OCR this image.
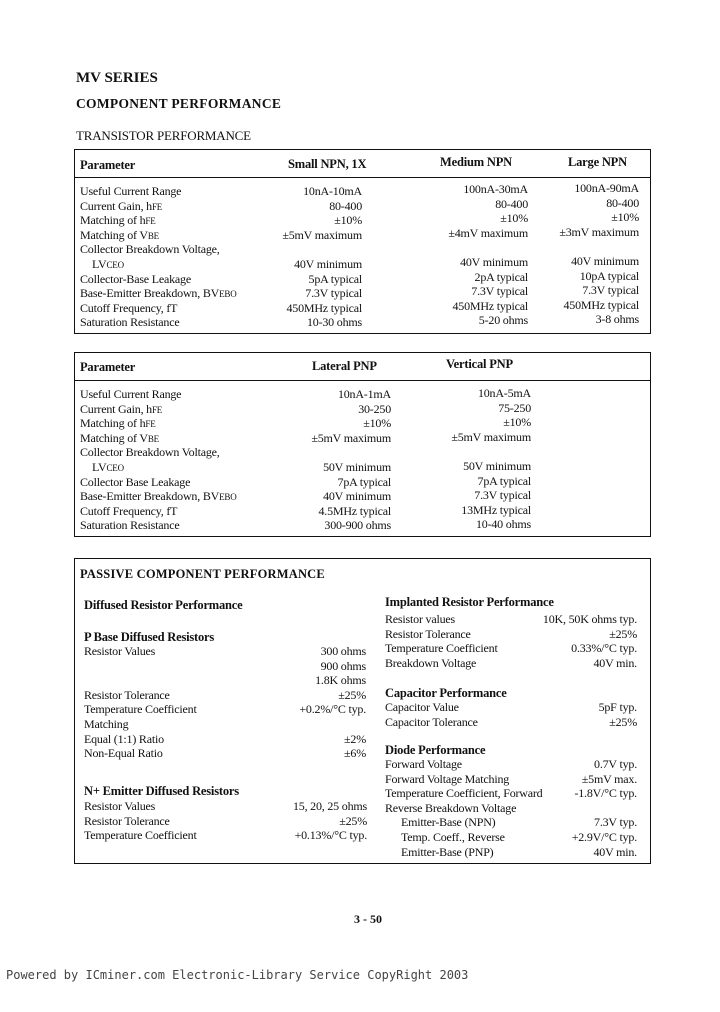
MV SERIES
COMPONENT PERFORMANCE
TRANSISTOR PERFORMANCE
Parameter	Small NPN, 1X	Medium NPN	Large NPN
Useful Current Range	10nA-10mA	100nA-30mA	100nA-90mA
Current Gain, hFE	80-400	80-400	80-400
Matching of hFE	±10%	±10%	±10%
Matching of VBE	±5mV maximum	±4mV maximum	±3mV maximum
Collector Breakdown Voltage,
LVCEO	40V minimum	40V minimum	40V minimum
Collector-Base Leakage	5pA typical	2pA typical	10pA typical
Base-Emitter Breakdown, BVEBO	7.3V typical	7.3V typical	7.3V typical
Cutoff Frequency, fT	450MHz typical	450MHz typical	450MHz typical
Saturation Resistance	10-30 ohms	5-20 ohms	3-8 ohms
Parameter	Lateral PNP	Vertical PNP
Useful Current Range	10nA-1mA	10nA-5mA
Current Gain, hFE	30-250	75-250
Matching of hFE	±10%	±10%
Matching of VBE	±5mV maximum	±5mV maximum
Collector Breakdown Voltage,
LVCEO	50V minimum	50V minimum
Collector Base Leakage	7pA typical	7pA typical
Base-Emitter Breakdown, BVEBO	40V minimum	7.3V typical
Cutoff Frequency, fT	4.5MHz typical	13MHz typical
Saturation Resistance	300-900 ohms	10-40 ohms
PASSIVE COMPONENT PERFORMANCE
Diffused Resistor Performance
P Base Diffused Resistors
Resistor Values	300 ohms
900 ohms
1.8K ohms
Resistor Tolerance	±25%
Temperature Coefficient	+0.2%/°C typ.
Matching
Equal (1:1) Ratio	±2%
Non-Equal Ratio	±6%
N+ Emitter Diffused Resistors
Resistor Values	15, 20, 25 ohms
Resistor Tolerance	±25%
Temperature Coefficient	+0.13%/°C typ.
Implanted Resistor Performance
Resistor values	10K, 50K ohms typ.
Resistor Tolerance	±25%
Temperature Coefficient	0.33%/°C typ.
Breakdown Voltage	40V min.
Capacitor Performance
Capacitor Value	5pF typ.
Capacitor Tolerance	±25%
Diode Performance
Forward Voltage	0.7V typ.
Forward Voltage Matching	±5mV max.
Temperature Coefficient, Forward	-1.8V/°C typ.
Reverse Breakdown Voltage
Emitter-Base (NPN)	7.3V typ.
Temp. Coeff., Reverse	+2.9V/°C typ.
Emitter-Base (PNP)	40V min.
3 - 50
Powered by ICminer.com Electronic-Library Service CopyRight 2003
